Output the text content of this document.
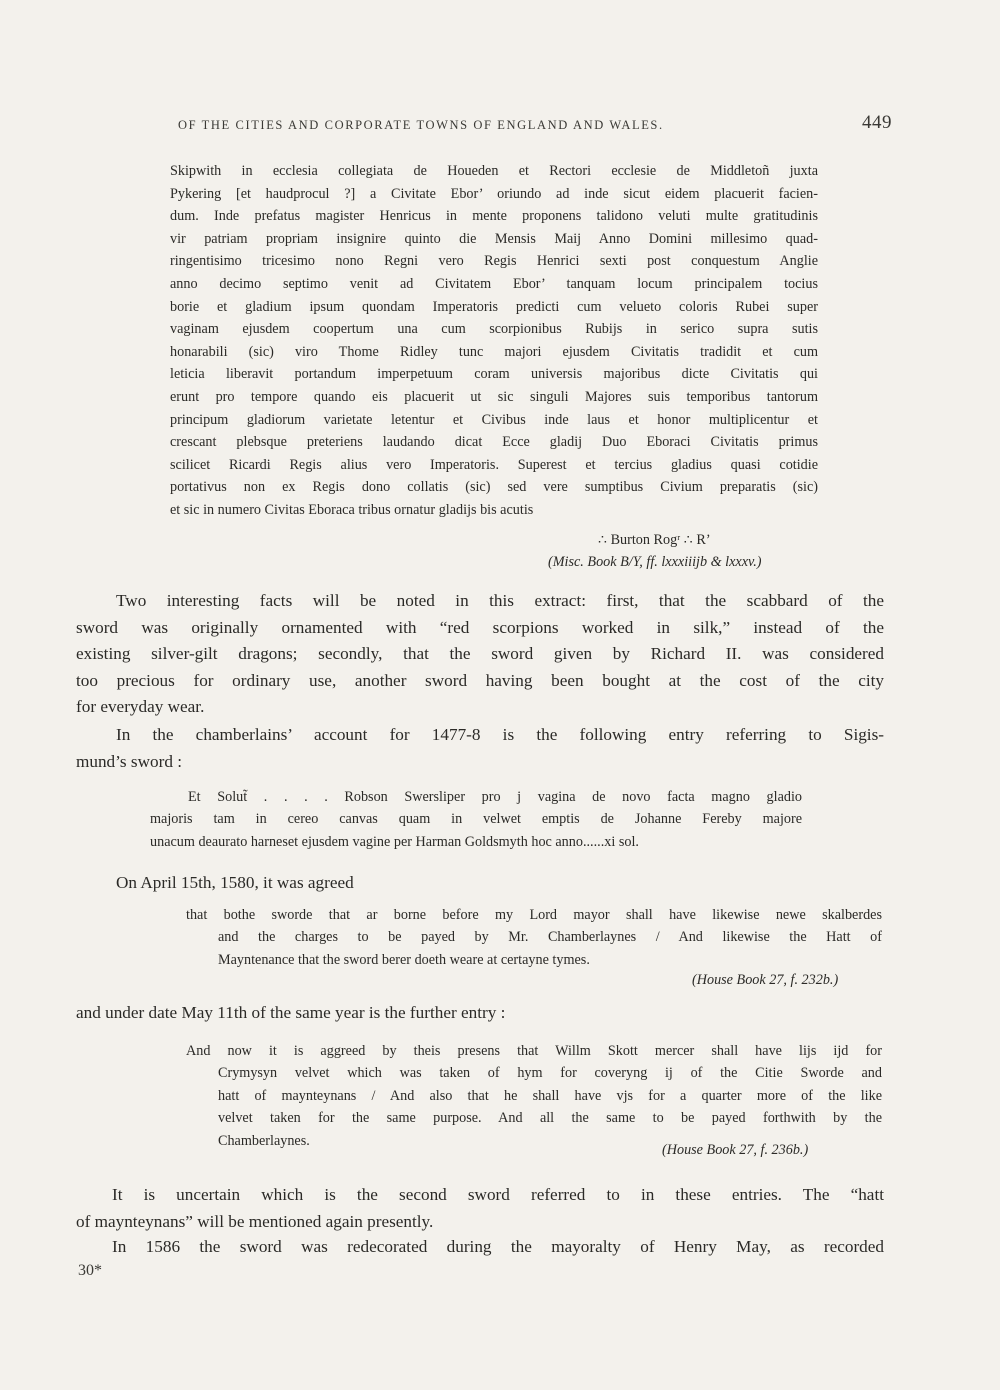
OF THE CITIES AND CORPORATE TOWNS OF ENGLAND AND WALES.	449
Skipwith in ecclesia collegiata de Houeden et Rectori ecclesie de Middletoñ juxta
Pykering [et haudprocul ?] a Civitate Ebor’ oriundo ad inde sicut eidem placuerit facien-
dum. Inde prefatus magister Henricus in mente proponens talidono veluti multe gratitudinis
vir patriam propriam insignire quinto die Mensis Maij Anno Domini millesimo quad-
ringentisimo tricesimo nono Regni vero Regis Henrici sexti post conquestum Anglie
anno decimo septimo venit ad Civitatem Ebor’ tanquam locum principalem tocius
borie et gladium ipsum quondam Imperatoris predicti cum velueto coloris Rubei super
vaginam ejusdem coopertum una cum scorpionibus Rubijs in serico supra sutis
honarabili (sic) viro Thome Ridley tunc majori ejusdem Civitatis tradidit et cum
leticia liberavit portandum imperpetuum coram universis majoribus dicte Civitatis qui
erunt pro tempore quando eis placuerit ut sic singuli Majores suis temporibus tantorum
principum gladiorum varietate letentur et Civibus inde laus et honor multiplicentur et
crescant plebsque preteriens laudando dicat Ecce gladij Duo Eboraci Civitatis primus
scilicet Ricardi Regis alius vero Imperatoris. Superest et tercius gladius quasi cotidie
portativus non ex Regis dono collatis (sic) sed vere sumptibus Civium preparatis (sic)
et sic in numero Civitas Eboraca tribus ornatur gladijs bis acutis
∴ Burton Rogʳ ∴ R’
(Misc. Book B/Y, ff. lxxxiiijb & lxxxv.)
Two interesting facts will be noted in this extract: first, that the scabbard of the
sword was originally ornamented with “red scorpions worked in silk,” instead of the
existing silver-gilt dragons; secondly, that the sword given by Richard II. was considered
too precious for ordinary use, another sword having been bought at the cost of the city
for everyday wear.
In the chamberlains’ account for 1477-8 is the following entry referring to Sigis-
mund’s sword :
Et Solut̃ . . . . Robson Swersliper pro j vagina de novo facta magno gladio
majoris tam in cereo canvas quam in velwet emptis de Johanne Fereby majore
unacum deaurato harneset ejusdem vagine per Harman Goldsmyth hoc anno......xi sol.
On April 15th, 1580, it was agreed
that bothe sworde that ar borne before my Lord mayor shall have likewise newe skalberdes
and the charges to be payed by Mr. Chamberlaynes / And likewise the Hatt of
Mayntenance that the sword berer doeth weare at certayne tymes.
(House Book 27, f. 232b.)
and under date May 11th of the same year is the further entry :
And now it is aggreed by theis presens that Willm Skott mercer shall have lijs ijd for
Crymysyn velvet which was taken of hym for coveryng ij of the Citie Sworde and
hatt of maynteynans / And also that he shall have vjs for a quarter more of the like
velvet taken for the same purpose. And all the same to be payed forthwith by the
Chamberlaynes.
(House Book 27, f. 236b.)
It is uncertain which is the second sword referred to in these entries. The “hatt
of maynteynans” will be mentioned again presently.
In 1586 the sword was redecorated during the mayoralty of Henry May, as recorded
30*
